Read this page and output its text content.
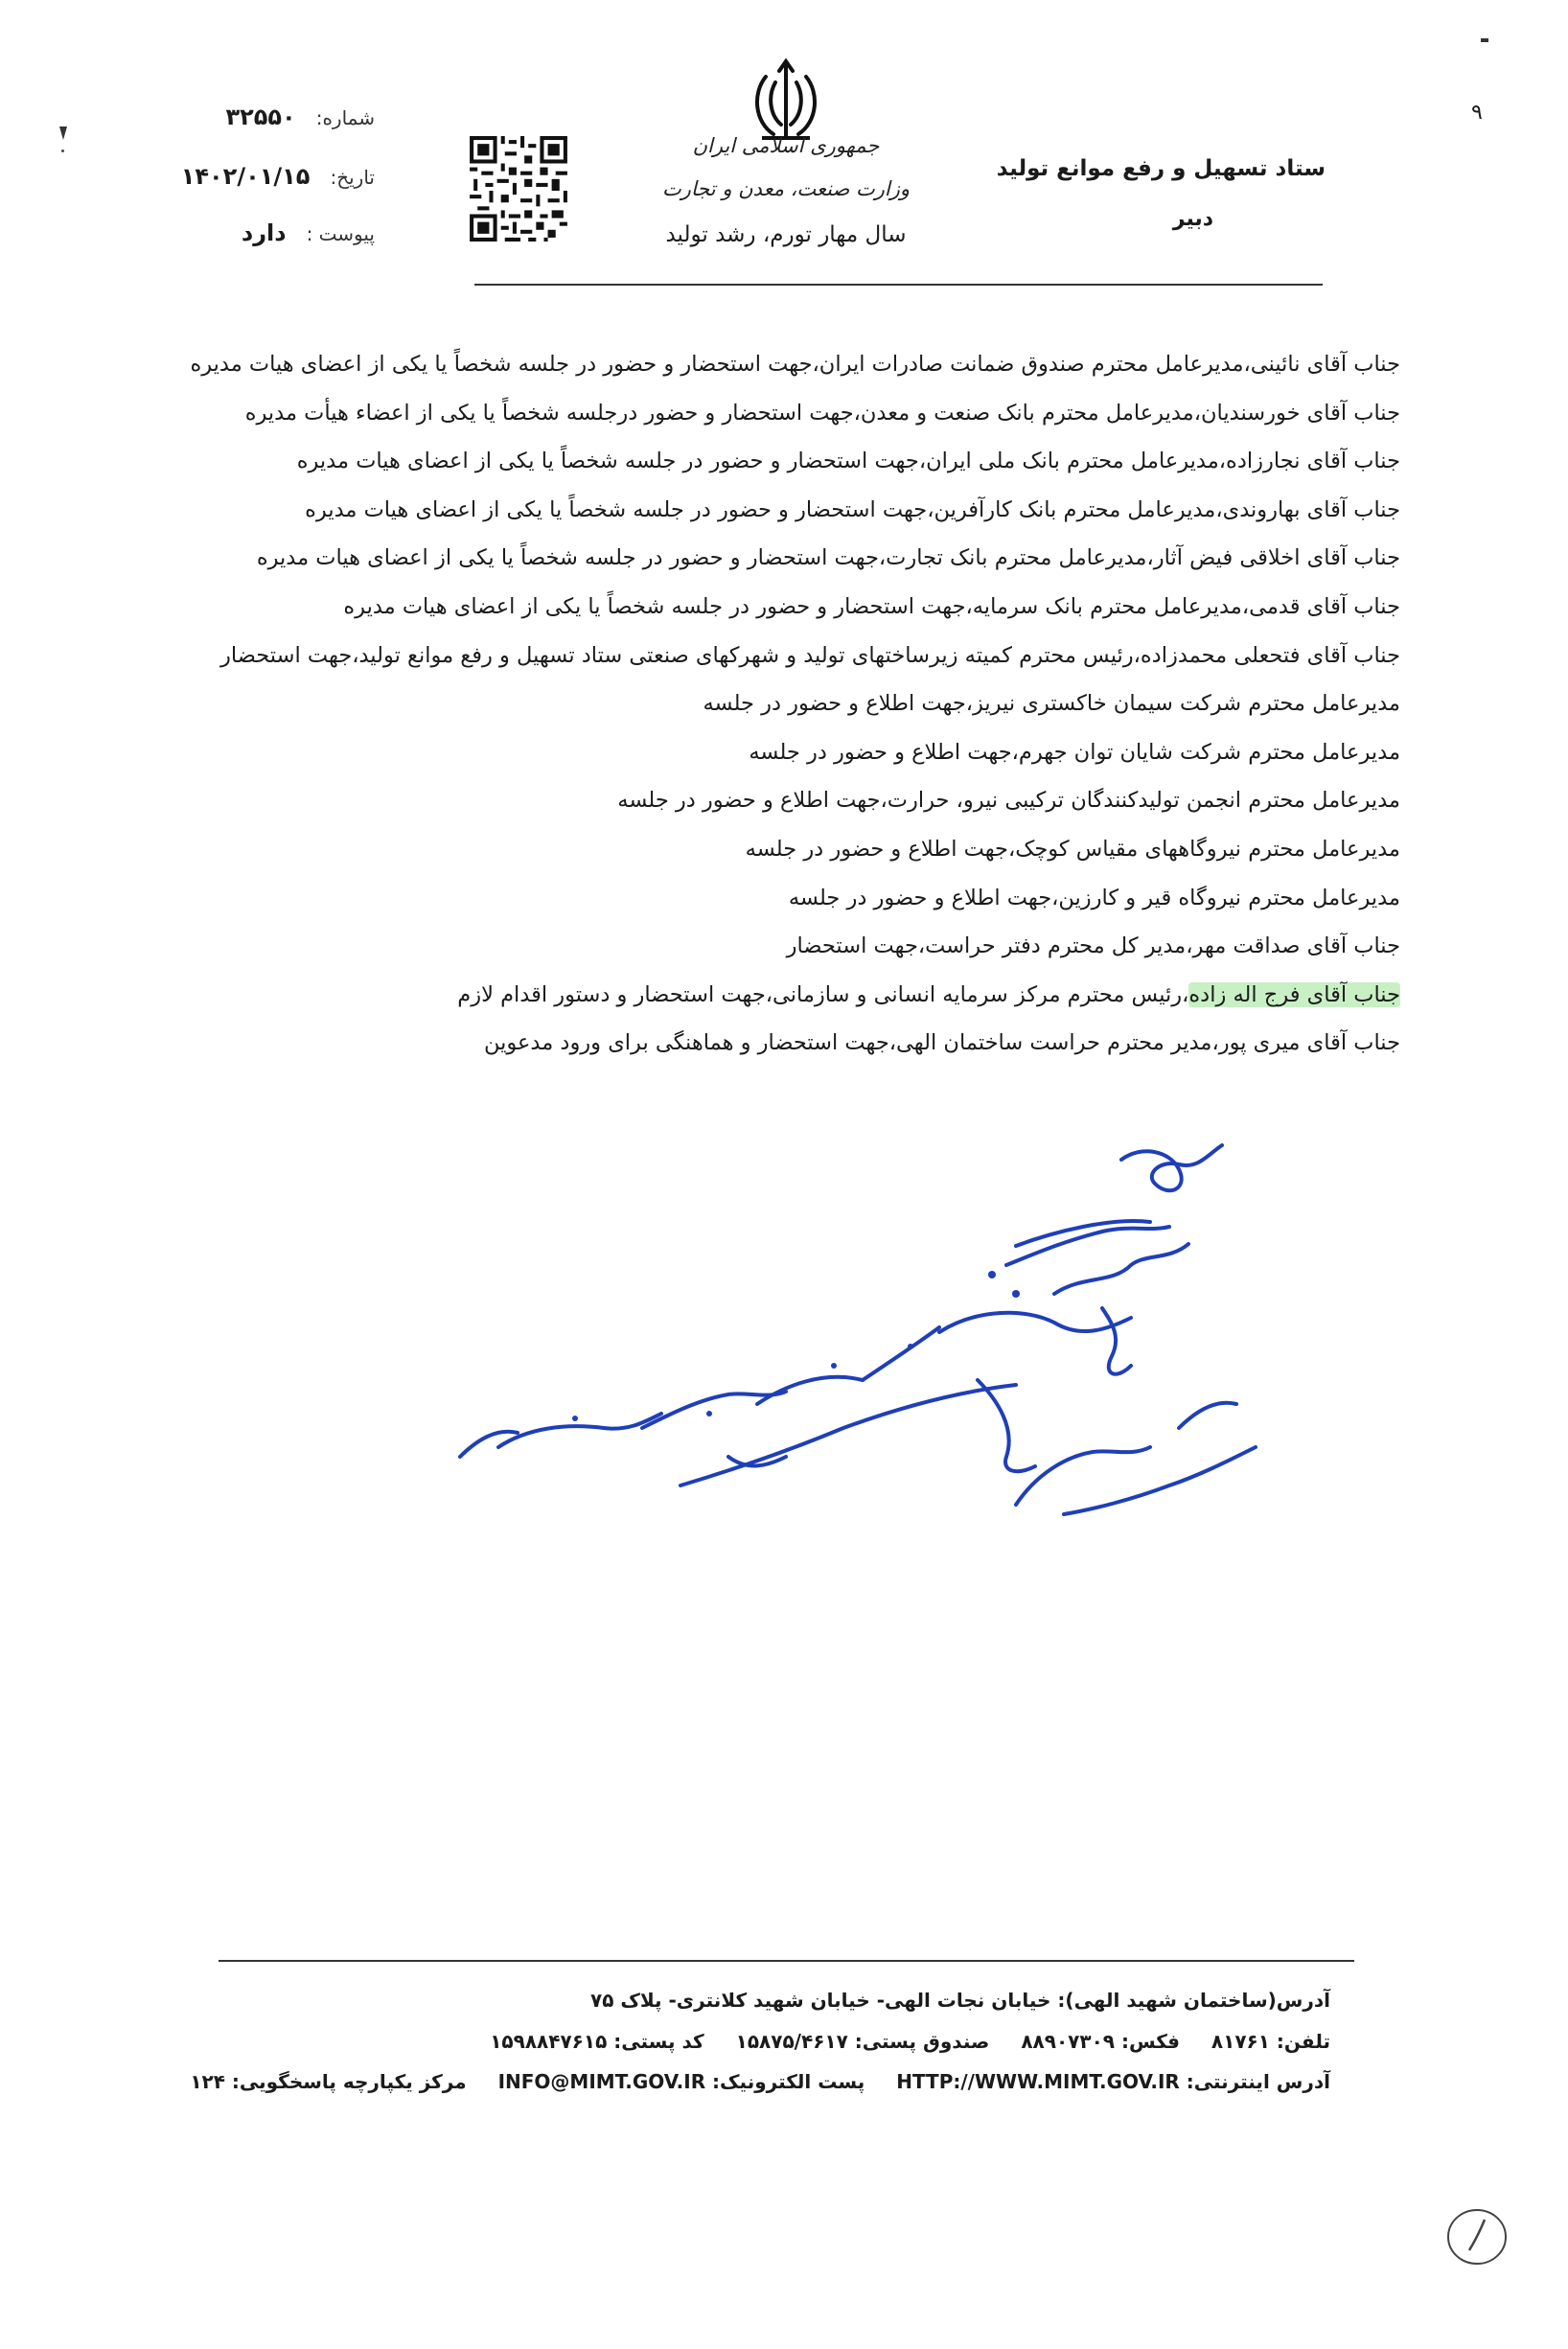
۹
شماره: ۳۲۵۵۰
تاریخ: ۱۴۰۲/۰۱/۱۵
پیوست : دارد
جمهوری اسلامی ایران
وزارت صنعت، معدن و تجارت
سال مهار تورم، رشد تولید
ستاد تسهیل و رفع موانع تولید
دبیر
جناب آقای نائینی،مدیرعامل محترم صندوق ضمانت صادرات ایران،جهت استحضار و حضور در جلسه شخصاً یا یکی از اعضای هیات مدیره
جناب آقای خورسندیان،مدیرعامل محترم بانک صنعت و معدن،جهت استحضار و حضور درجلسه شخصاً یا یکی از اعضاء هیأت مدیره
جناب آقای نجارزاده،مدیرعامل محترم بانک ملی ایران،جهت استحضار و حضور در جلسه شخصاً یا یکی از اعضای هیات مدیره
جناب آقای بهاروندی،مدیرعامل محترم بانک کارآفرین،جهت استحضار و حضور در جلسه شخصاً یا یکی از اعضای هیات مدیره
جناب آقای اخلاقی فیض آثار،مدیرعامل محترم بانک تجارت،جهت استحضار و حضور در جلسه شخصاً یا یکی از اعضای هیات مدیره
جناب آقای قدمی،مدیرعامل محترم بانک سرمایه،جهت استحضار و حضور در جلسه شخصاً یا یکی از اعضای هیات مدیره
جناب آقای فتحعلی محمدزاده،رئیس محترم کمیته زیرساختهای تولید و شهرکهای صنعتی ستاد تسهیل و رفع موانع تولید،جهت استحضار
مدیرعامل محترم شرکت سیمان خاکستری نیریز،جهت اطلاع و حضور در جلسه
مدیرعامل محترم شرکت شایان توان جهرم،جهت اطلاع و حضور در جلسه
مدیرعامل محترم انجمن تولیدکنندگان ترکیبی نیرو، حرارت،جهت اطلاع و حضور در جلسه
مدیرعامل محترم نیروگاههای مقیاس کوچک،جهت اطلاع و حضور در جلسه
مدیرعامل محترم نیروگاه قیر و کارزین،جهت اطلاع و حضور در جلسه
جناب آقای صداقت مهر،مدیر کل محترم دفتر حراست،جهت استحضار
جناب آقای فرج اله زاده،رئیس محترم مرکز سرمایه انسانی و سازمانی،جهت استحضار و دستور اقدام لازم
جناب آقای میری پور،مدیر محترم حراست ساختمان الهی،جهت استحضار و هماهنگی برای ورود مدعوین
آدرس(ساختمان شهید الهی): خیابان نجات الهی- خیابان شهید کلانتری- پلاک ۷۵
تلفن: ۸۱۷۶۱ فکس: ۸۸۹۰۷۳۰۹ صندوق پستی: ۱۵۸۷۵/۴۶۱۷ کد پستی: ۱۵۹۸۸۴۷۶۱۵
آدرس اینترنتی: HTTP://WWW.MIMT.GOV.IR پست الکترونیک: INFO@MIMT.GOV.IR مرکز یکپارچه پاسخگویی: ۱۲۴
